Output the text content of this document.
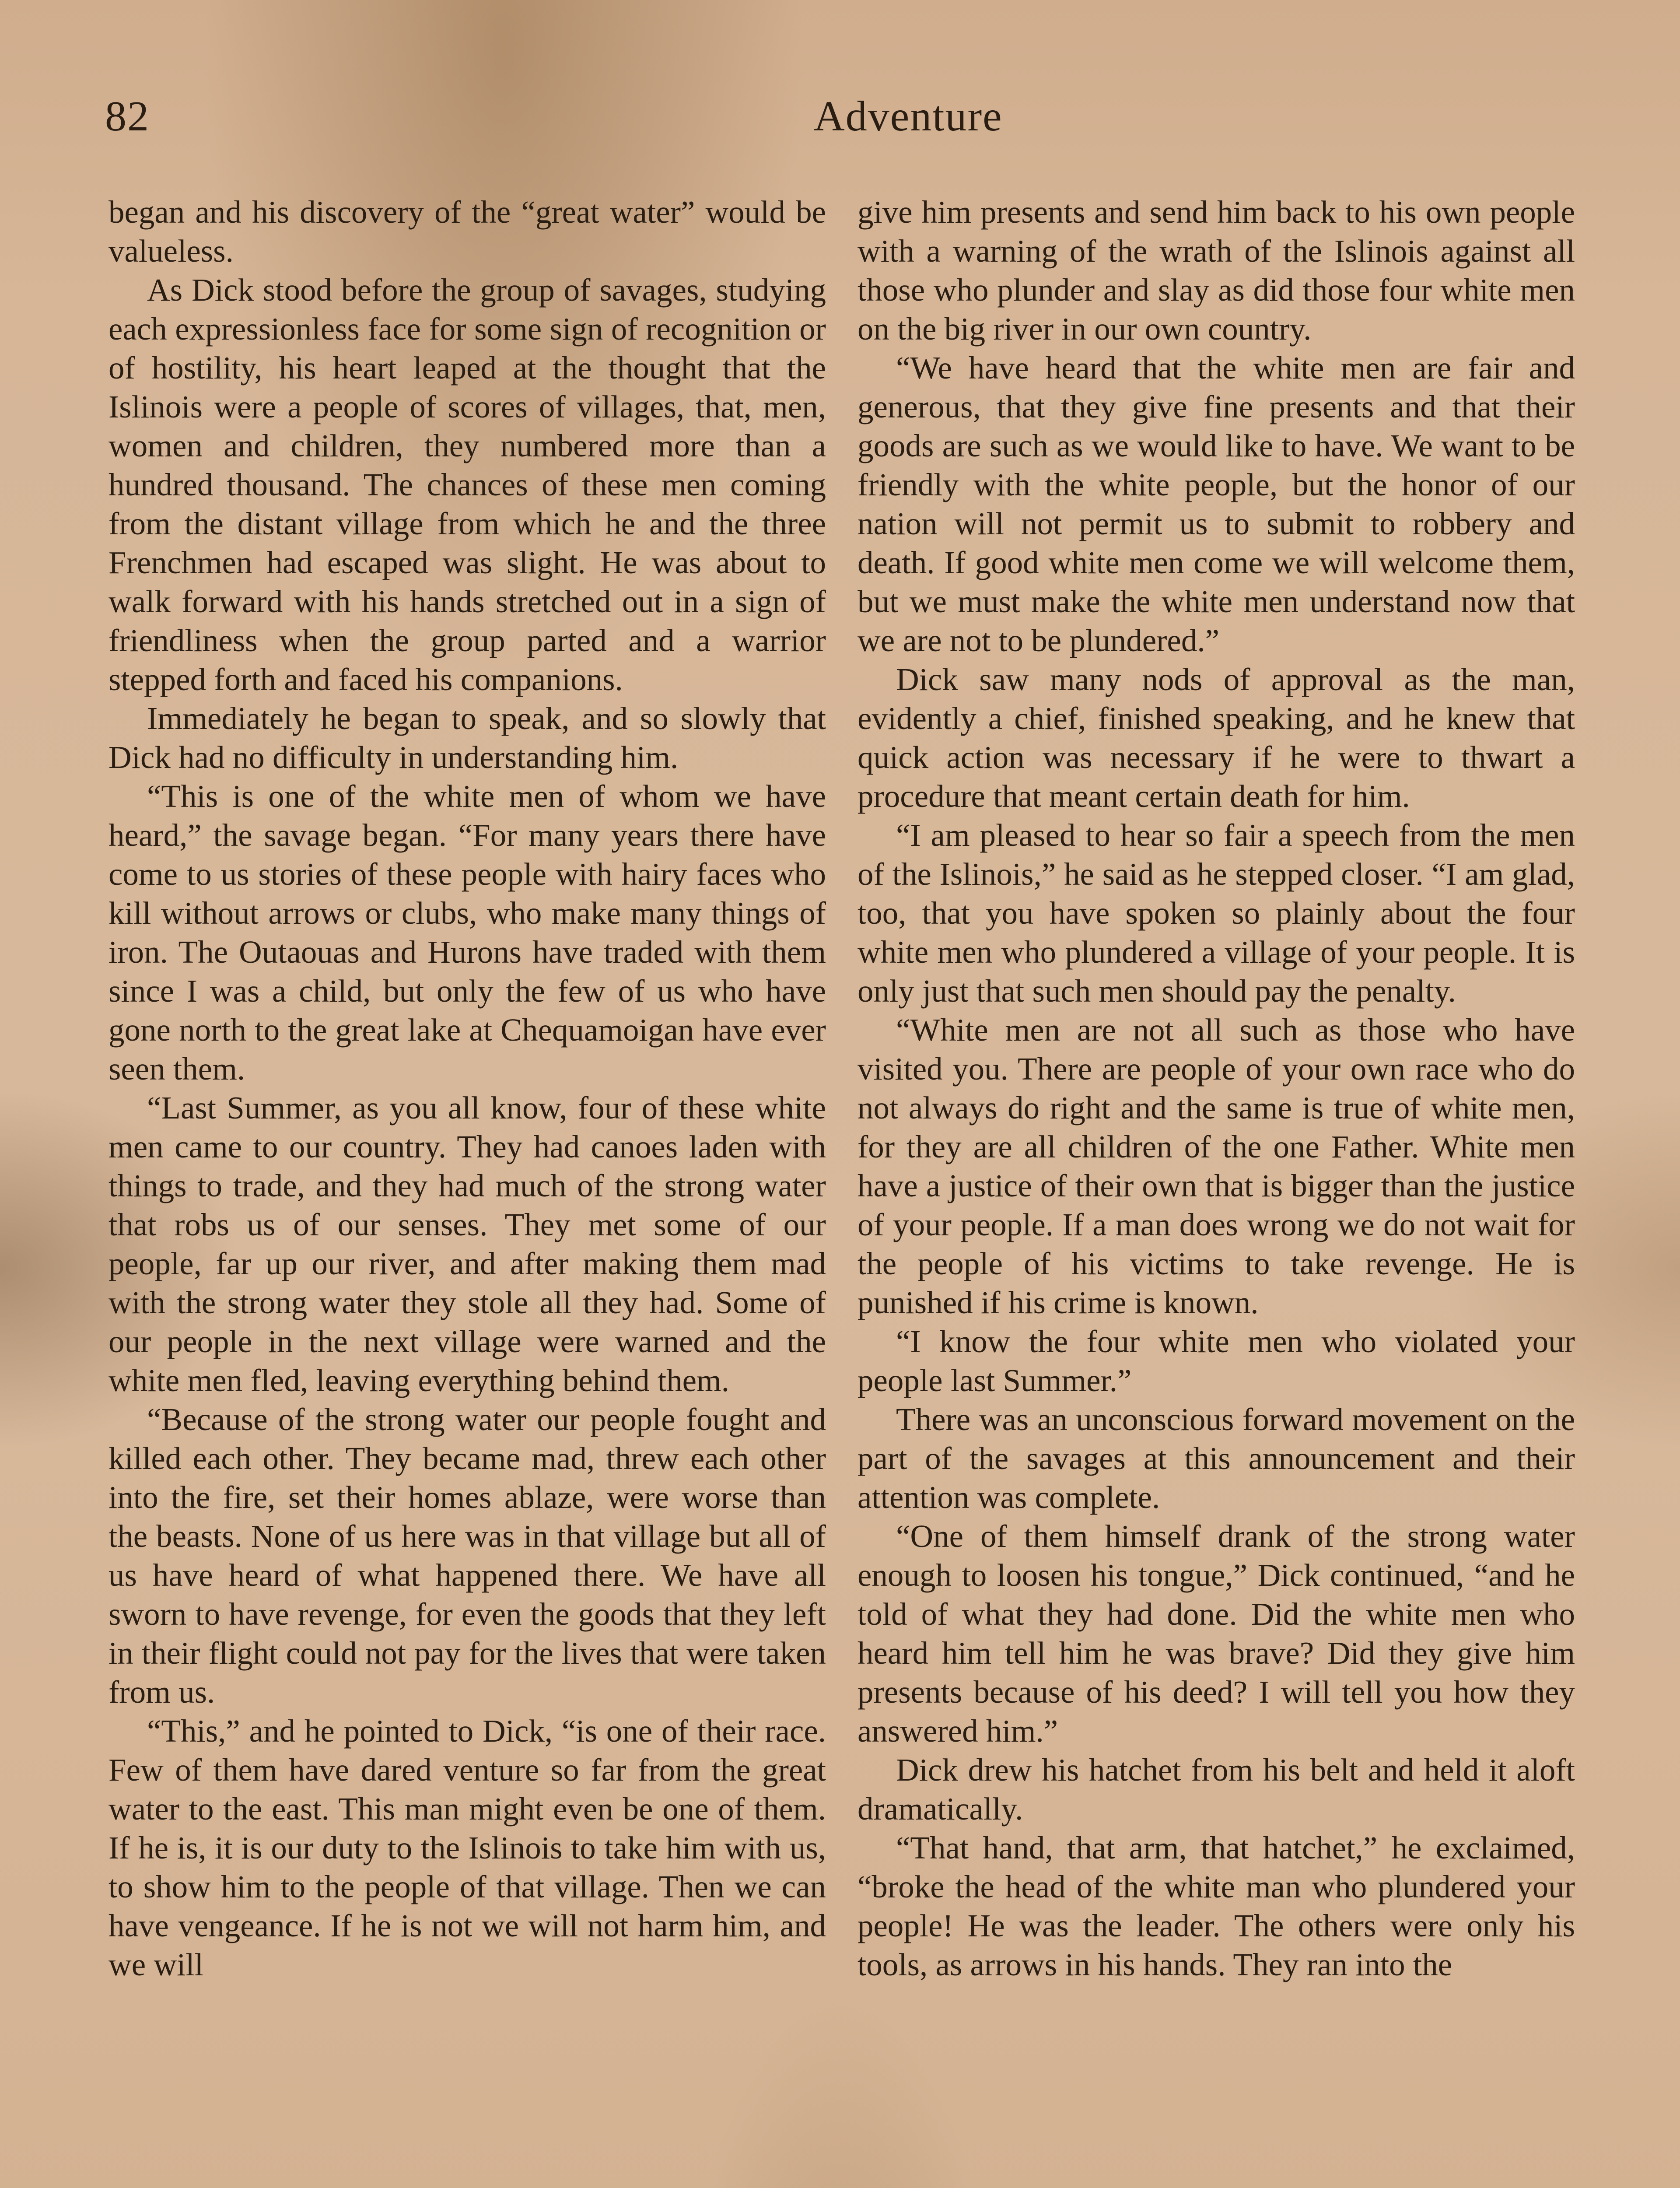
82	Adventure

began and his discovery of the “great water” would be valueless.

As Dick stood before the group of savages, studying each expressionless face for some sign of recognition or of hostility, his heart leaped at the thought that the Islinois were a people of scores of villages, that, men, women and children, they numbered more than a hundred thousand. The chances of these men coming from the distant village from which he and the three Frenchmen had escaped was slight. He was about to walk forward with his hands stretched out in a sign of friendliness when the group parted and a warrior stepped forth and faced his companions.

Immediately he began to speak, and so slowly that Dick had no difficulty in understanding him.

“This is one of the white men of whom we have heard,” the savage began. “For many years there have come to us stories of these people with hairy faces who kill without arrows or clubs, who make many things of iron. The Outaouas and Hurons have traded with them since I was a child, but only the few of us who have gone north to the great lake at Chequamoigan have ever seen them.

“Last Summer, as you all know, four of these white men came to our country. They had canoes laden with things to trade, and they had much of the strong water that robs us of our senses. They met some of our people, far up our river, and after making them mad with the strong water they stole all they had. Some of our people in the next village were warned and the white men fled, leaving everything behind them.

“Because of the strong water our people fought and killed each other. They became mad, threw each other into the fire, set their homes ablaze, were worse than the beasts. None of us here was in that village but all of us have heard of what happened there. We have all sworn to have revenge, for even the goods that they left in their flight could not pay for the lives that were taken from us.

“This,” and he pointed to Dick, “is one of their race. Few of them have dared venture so far from the great water to the east. This man might even be one of them. If he is, it is our duty to the Islinois to take him with us, to show him to the people of that village. Then we can have vengeance. If he is not we will not harm him, and we will

give him presents and send him back to his own people with a warning of the wrath of the Islinois against all those who plunder and slay as did those four white men on the big river in our own country.

“We have heard that the white men are fair and generous, that they give fine presents and that their goods are such as we would like to have. We want to be friendly with the white people, but the honor of our nation will not permit us to submit to robbery and death. If good white men come we will welcome them, but we must make the white men understand now that we are not to be plundered.”

Dick saw many nods of approval as the man, evidently a chief, finished speaking, and he knew that quick action was necessary if he were to thwart a procedure that meant certain death for him.

“I am pleased to hear so fair a speech from the men of the Islinois,” he said as he stepped closer. “I am glad, too, that you have spoken so plainly about the four white men who plundered a village of your people. It is only just that such men should pay the penalty.

“White men are not all such as those who have visited you. There are people of your own race who do not always do right and the same is true of white men, for they are all children of the one Father. White men have a justice of their own that is bigger than the justice of your people. If a man does wrong we do not wait for the people of his victims to take revenge. He is punished if his crime is known.

“I know the four white men who violated your people last Summer.”

There was an unconscious forward movement on the part of the savages at this announcement and their attention was complete.

“One of them himself drank of the strong water enough to loosen his tongue,” Dick continued, “and he told of what they had done. Did the white men who heard him tell him he was brave? Did they give him presents because of his deed? I will tell you how they answered him.”

Dick drew his hatchet from his belt and held it aloft dramatically.

“That hand, that arm, that hatchet,” he exclaimed, “broke the head of the white man who plundered your people! He was the leader. The others were only his tools, as arrows in his hands. They ran into the
